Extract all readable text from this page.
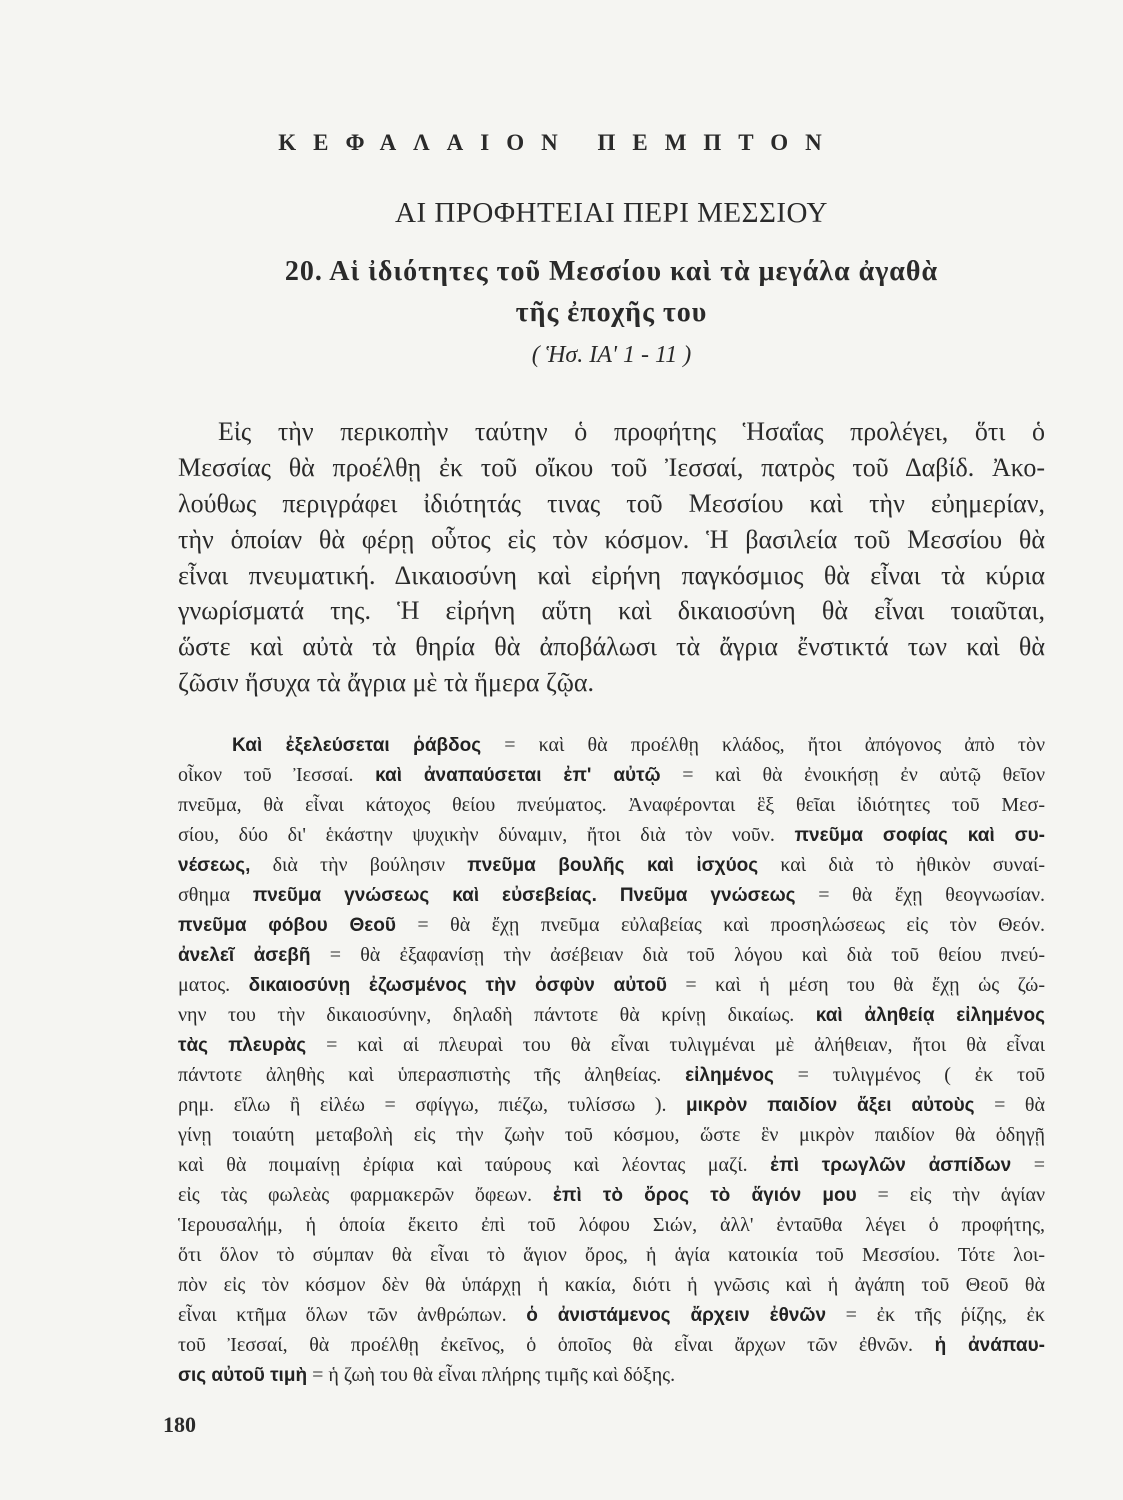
ΚΕΦΑΛΑΙΟΝ ΠΕΜΠΤΟΝ
ΑΙ ΠΡΟΦΗΤΕΙΑΙ ΠΕΡΙ ΜΕΣΣΙΟΥ
20. Αἱ ἰδιότητες τοῦ Μεσσίου καὶ τὰ μεγάλα ἀγαθὰ
τῆς ἐποχῆς του
( Ἡσ. ΙΑ' 1 - 11 )
Εἰς τὴν περικοπὴν ταύτην ὁ προφήτης Ἡσαΐας προλέγει, ὅτι ὁ
Μεσσίας θὰ προέλθῃ ἐκ τοῦ οἴκου τοῦ Ἰεσσαί, πατρὸς τοῦ Δαβίδ. Ἀκο-
λούθως περιγράφει ἰδιότητάς τινας τοῦ Μεσσίου καὶ τὴν εὐημερίαν,
τὴν ὁποίαν θὰ φέρῃ οὗτος εἰς τὸν κόσμον. Ἡ βασιλεία τοῦ Μεσσίου θὰ
εἶναι πνευματική. Δικαιοσύνη καὶ εἰρήνη παγκόσμιος θὰ εἶναι τὰ κύρια
γνωρίσματά της. Ἡ εἰρήνη αὕτη καὶ δικαιοσύνη θὰ εἶναι τοιαῦται,
ὥστε καὶ αὐτὰ τὰ θηρία θὰ ἀποβάλωσι τὰ ἄγρια ἔνστικτά των καὶ θὰ
ζῶσιν ἥσυχα τὰ ἄγρια μὲ τὰ ἥμερα ζῷα.
Καὶ ἐξελεύσεται ῥάβδος = καὶ θὰ προέλθῃ κλάδος, ἤτοι ἀπόγονος ἀπὸ τὸν
οἶκον τοῦ Ἰεσσαί. καὶ ἀναπαύσεται ἐπ' αὐτῷ = καὶ θὰ ἐνοικήσῃ ἐν αὐτῷ θεῖον
πνεῦμα, θὰ εἶναι κάτοχος θείου πνεύματος. Ἀναφέρονται ἓξ θεῖαι ἰδιότητες τοῦ Μεσ-
σίου, δύο δι' ἑκάστην ψυχικὴν δύναμιν, ἤτοι διὰ τὸν νοῦν. πνεῦμα σοφίας καὶ συ-
νέσεως, διὰ τὴν βούλησιν πνεῦμα βουλῆς καὶ ἰσχύος καὶ διὰ τὸ ἠθικὸν συναί-
σθημα πνεῦμα γνώσεως καὶ εὐσεβείας. Πνεῦμα γνώσεως = θὰ ἔχῃ θεογνωσίαν.
πνεῦμα φόβου Θεοῦ = θὰ ἔχῃ πνεῦμα εὐλαβείας καὶ προσηλώσεως εἰς τὸν Θεόν.
ἀνελεῖ ἀσεβῆ = θὰ ἐξαφανίσῃ τὴν ἀσέβειαν διὰ τοῦ λόγου καὶ διὰ τοῦ θείου πνεύ-
ματος. δικαιοσύνῃ ἐζωσμένος τὴν ὀσφὺν αὐτοῦ = καὶ ἡ μέση του θὰ ἔχῃ ὡς ζώ-
νην του τὴν δικαιοσύνην, δηλαδὴ πάντοτε θὰ κρίνῃ δικαίως. καὶ ἀληθείᾳ εἰλημένος
τὰς πλευρὰς = καὶ αἱ πλευραὶ του θὰ εἶναι τυλιγμέναι μὲ ἀλήθειαν, ἤτοι θὰ εἶναι
πάντοτε ἀληθὴς καὶ ὑπερασπιστὴς τῆς ἀληθείας. εἰλημένος = τυλιγμένος ( ἐκ τοῦ
ρημ. εἴλω ἢ εἰλέω = σφίγγω, πιέζω, τυλίσσω ). μικρὸν παιδίον ἄξει αὐτοὺς = θὰ
γίνῃ τοιαύτη μεταβολὴ εἰς τὴν ζωὴν τοῦ κόσμου, ὥστε ἓν μικρὸν παιδίον θὰ ὁδηγῇ
καὶ θὰ ποιμαίνῃ ἐρίφια καὶ ταύρους καὶ λέοντας μαζί. ἐπὶ τρωγλῶν ἀσπίδων =
εἰς τὰς φωλεὰς φαρμακερῶν ὄφεων. ἐπὶ τὸ ὄρος τὸ ἅγιόν μου = εἰς τὴν ἁγίαν
Ἱερουσαλήμ, ἡ ὁποία ἔκειτο ἐπὶ τοῦ λόφου Σιών, ἀλλ' ἐνταῦθα λέγει ὁ προφήτης,
ὅτι ὅλον τὸ σύμπαν θὰ εἶναι τὸ ἅγιον ὄρος, ἡ ἁγία κατοικία τοῦ Μεσσίου. Τότε λοι-
πὸν εἰς τὸν κόσμον δὲν θὰ ὑπάρχῃ ἡ κακία, διότι ἡ γνῶσις καὶ ἡ ἀγάπη τοῦ Θεοῦ θὰ
εἶναι κτῆμα ὅλων τῶν ἀνθρώπων. ὁ ἀνιστάμενος ἄρχειν ἐθνῶν = ἐκ τῆς ῥίζης, ἐκ
τοῦ Ἰεσσαί, θὰ προέλθῃ ἐκεῖνος, ὁ ὁποῖος θὰ εἶναι ἄρχων τῶν ἐθνῶν. ἡ ἀνάπαυ-
σις αὐτοῦ τιμὴ = ἡ ζωὴ του θὰ εἶναι πλήρης τιμῆς καὶ δόξης.
180
